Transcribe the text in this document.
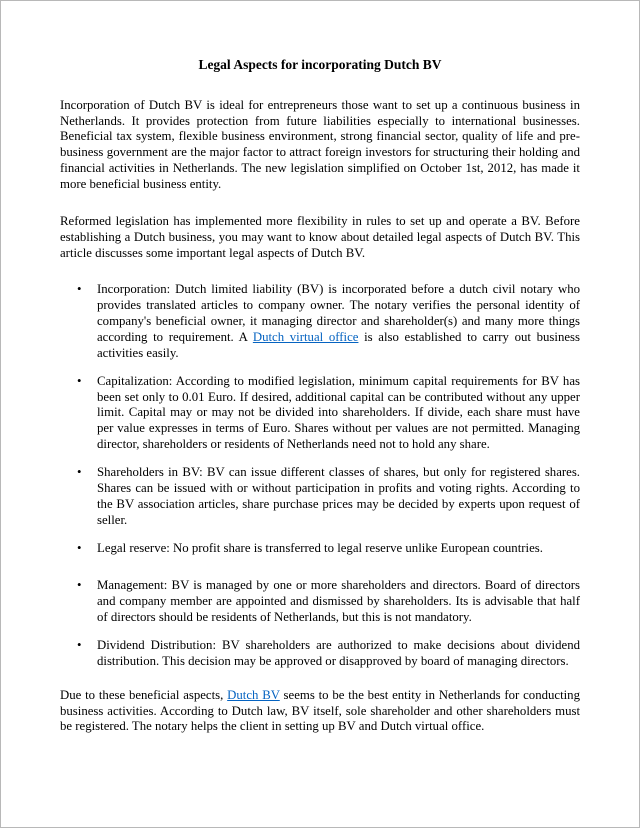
Legal Aspects for incorporating Dutch BV

Incorporation of Dutch BV is ideal for entrepreneurs those want to set up a continuous business in Netherlands. It provides protection from future liabilities especially to international businesses. Beneficial tax system, flexible business environment, strong financial sector, quality of life and pre-business government are the major factor to attract foreign investors for structuring their holding and financial activities in Netherlands. The new legislation simplified on October 1st, 2012, has made it more beneficial business entity.

Reformed legislation has implemented more flexibility in rules to set up and operate a BV. Before establishing a Dutch business, you may want to know about detailed legal aspects of Dutch BV. This article discusses some important legal aspects of Dutch BV.

•	Incorporation: Dutch limited liability (BV) is incorporated before a dutch civil notary who provides translated articles to company owner. The notary verifies the personal identity of company's beneficial owner, it managing director and shareholder(s) and many more things according to requirement. A Dutch virtual office is also established to carry out business activities easily.
•	Capitalization: According to modified legislation, minimum capital requirements for BV has been set only to 0.01 Euro. If desired, additional capital can be contributed without any upper limit. Capital may or may not be divided into shareholders. If divide, each share must have per value expresses in terms of Euro. Shares without per values are not permitted. Managing director, shareholders or residents of Netherlands need not to hold any share.
•	Shareholders in BV: BV can issue different classes of shares, but only for registered shares. Shares can be issued with or without participation in profits and voting rights. According to the BV association articles, share purchase prices may be decided by experts upon request of seller.
•	Legal reserve: No profit share is transferred to legal reserve unlike European countries.
•	Management: BV is managed by one or more shareholders and directors. Board of directors and company member are appointed and dismissed by shareholders. Its is advisable that half of directors should be residents of Netherlands, but this is not mandatory.
•	Dividend Distribution: BV shareholders are authorized to make decisions about dividend distribution. This decision may be approved or disapproved by board of managing directors.

Due to these beneficial aspects, Dutch BV seems to be the best entity in Netherlands for conducting business activities. According to Dutch law, BV itself, sole shareholder and other shareholders must be registered. The notary helps the client in setting up BV and Dutch virtual office.
